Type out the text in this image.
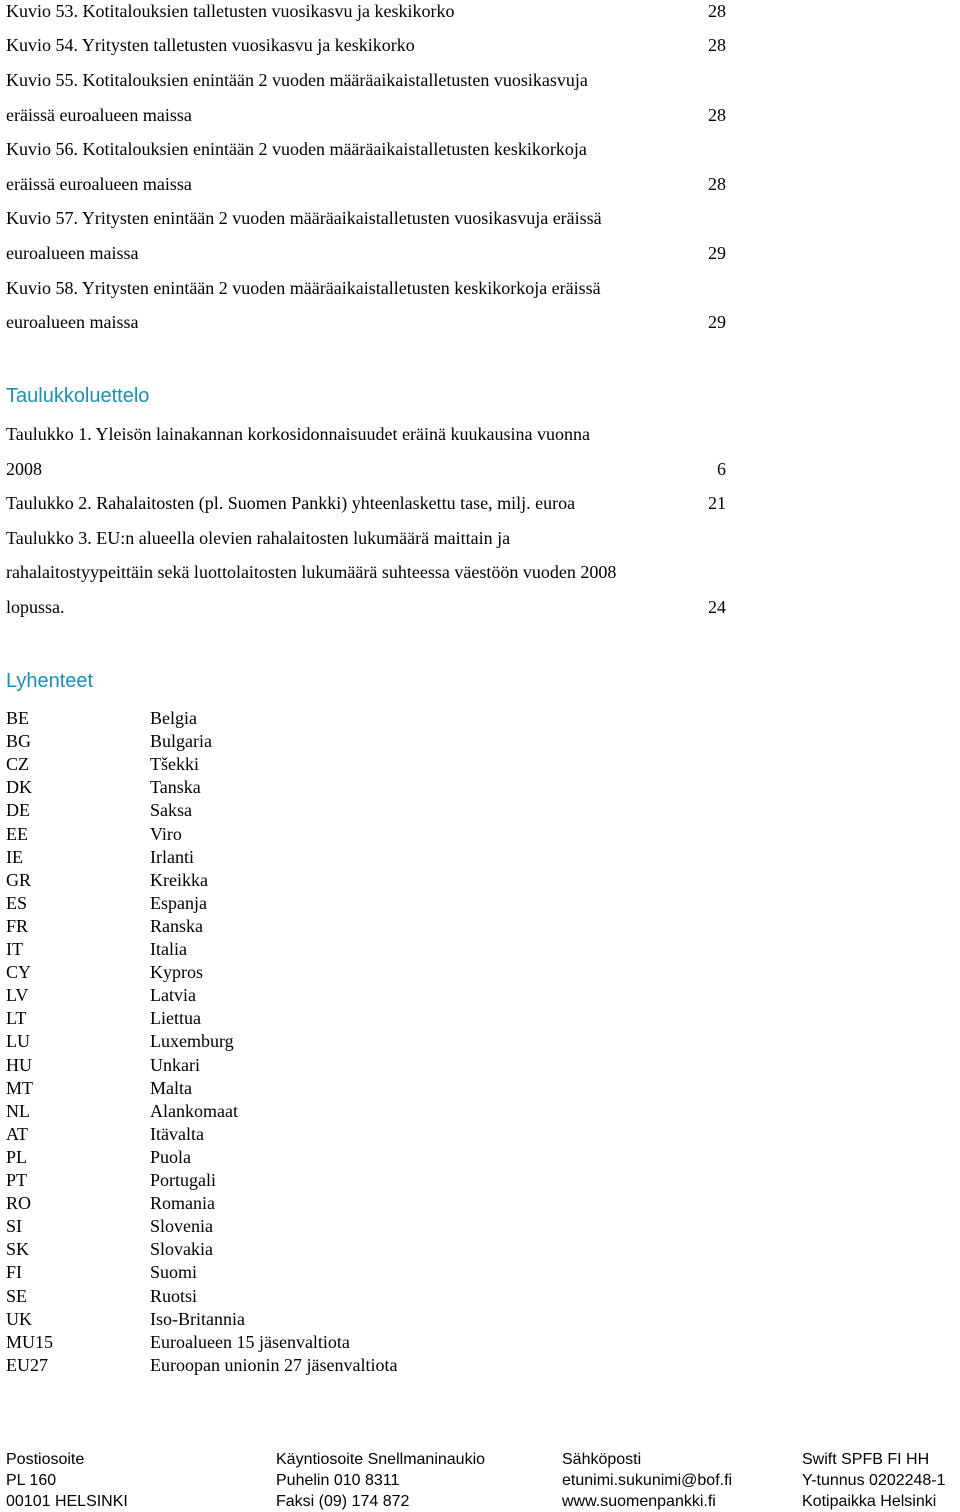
Kuvio 53. Kotitalouksien talletusten vuosikasvu ja keskikorko	28
Kuvio 54. Yritysten talletusten vuosikasvu ja keskikorko	28
Kuvio 55. Kotitalouksien enintään 2 vuoden määräaikaistalletusten vuosikasvuja
eräissä euroalueen maissa	28
Kuvio 56. Kotitalouksien enintään 2 vuoden määräaikaistalletusten keskikorkoja
eräissä euroalueen maissa	28
Kuvio 57. Yritysten enintään 2 vuoden määräaikaistalletusten vuosikasvuja eräissä
euroalueen maissa	29
Kuvio 58. Yritysten enintään 2 vuoden määräaikaistalletusten keskikorkoja eräissä
euroalueen maissa	29
Taulukkoluettelo
Taulukko 1. Yleisön lainakannan korkosidonnaisuudet eräinä kuukausina vuonna
2008	6
Taulukko 2. Rahalaitosten (pl. Suomen Pankki) yhteenlaskettu tase, milj. euroa	21
Taulukko 3. EU:n alueella olevien rahalaitosten lukumäärä maittain ja
rahalaitostyypeittäin sekä luottolaitosten lukumäärä suhteessa väestöön vuoden 2008
lopussa.	24
Lyhenteet
BE	Belgia
BG	Bulgaria
CZ	Tšekki
DK	Tanska
DE	Saksa
EE	Viro
IE	Irlanti
GR	Kreikka
ES	Espanja
FR	Ranska
IT	Italia
CY	Kypros
LV	Latvia
LT	Liettua
LU	Luxemburg
HU	Unkari
MT	Malta
NL	Alankomaat
AT	Itävalta
PL	Puola
PT	Portugali
RO	Romania
SI	Slovenia
SK	Slovakia
FI	Suomi
SE	Ruotsi
UK	Iso-Britannia
MU15	Euroalueen 15 jäsenvaltiota
EU27	Euroopan unionin 27 jäsenvaltiota
Postiosoite
PL 160
00101 HELSINKI
Käyntiosoite Snellmaninaukio
Puhelin 010 8311
Faksi (09) 174 872
Sähköposti
etunimi.sukunimi@bof.fi
www.suomenpankki.fi
Swift SPFB FI HH
Y-tunnus 0202248-1
Kotipaikka Helsinki
